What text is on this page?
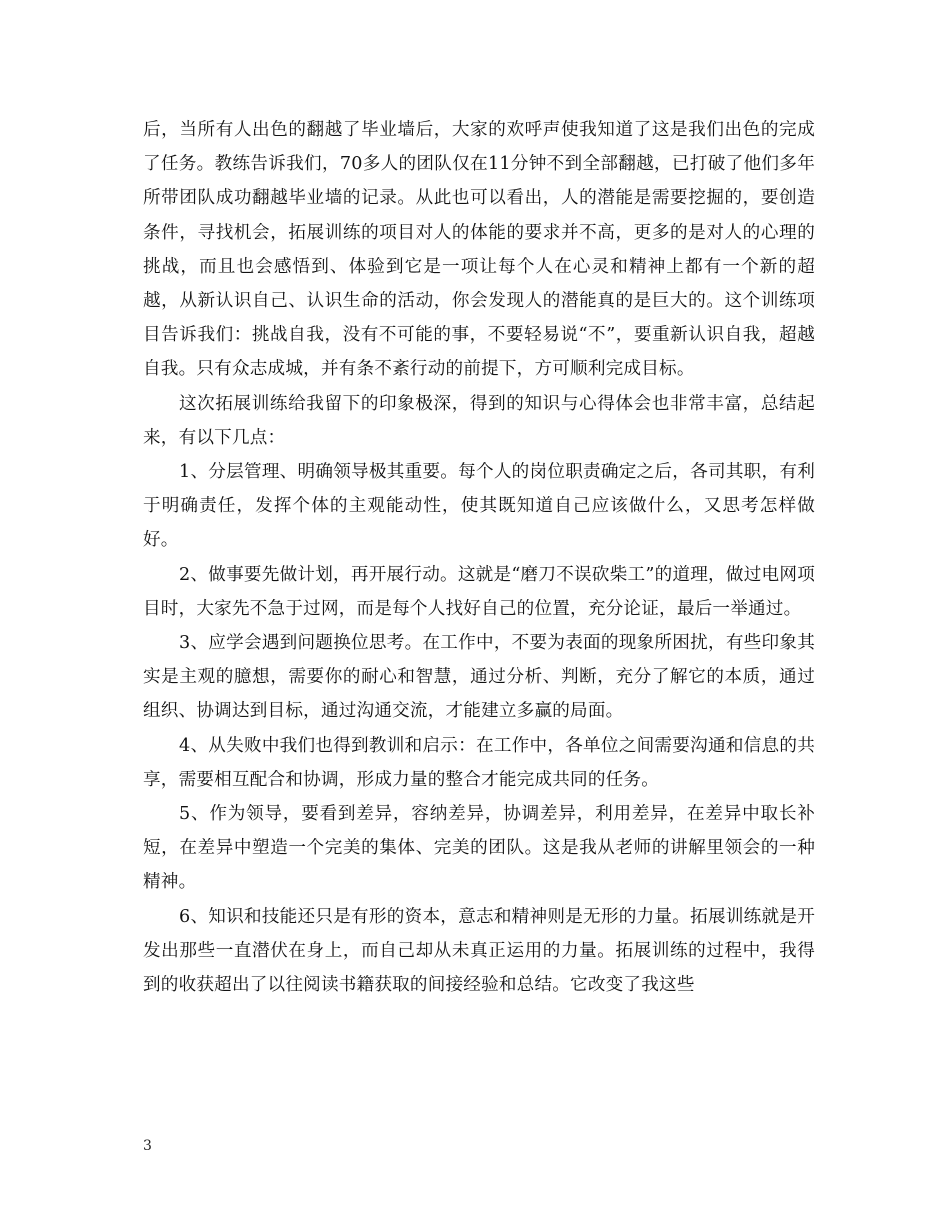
后，当所有人出色的翻越了毕业墙后，大家的欢呼声使我知道了这是我们出色的完成了任务。教练告诉我们，70多人的团队仅在11分钟不到全部翻越，已打破了他们多年所带团队成功翻越毕业墙的记录。从此也可以看出，人的潜能是需要挖掘的，要创造条件，寻找机会，拓展训练的项目对人的体能的要求并不高，更多的是对人的心理的挑战，而且也会感悟到、体验到它是一项让每个人在心灵和精神上都有一个新的超越，从新认识自己、认识生命的活动，你会发现人的潜能真的是巨大的。这个训练项目告诉我们：挑战自我，没有不可能的事，不要轻易说“不”，要重新认识自我，超越自我。只有众志成城，并有条不紊行动的前提下，方可顺利完成目标。

这次拓展训练给我留下的印象极深，得到的知识与心得体会也非常丰富，总结起来，有以下几点：

1、分层管理、明确领导极其重要。每个人的岗位职责确定之后，各司其职，有利于明确责任，发挥个体的主观能动性，使其既知道自己应该做什么，又思考怎样做好。

2、做事要先做计划，再开展行动。这就是“磨刀不误砍柴工”的道理，做过电网项目时，大家先不急于过网，而是每个人找好自己的位置，充分论证，最后一举通过。

3、应学会遇到问题换位思考。在工作中，不要为表面的现象所困扰，有些印象其实是主观的臆想，需要你的耐心和智慧，通过分析、判断，充分了解它的本质，通过组织、协调达到目标，通过沟通交流，才能建立多赢的局面。

4、从失败中我们也得到教训和启示：在工作中，各单位之间需要沟通和信息的共享，需要相互配合和协调，形成力量的整合才能完成共同的任务。

5、作为领导，要看到差异，容纳差异，协调差异，利用差异，在差异中取长补短，在差异中塑造一个完美的集体、完美的团队。这是我从老师的讲解里领会的一种精神。

6、知识和技能还只是有形的资本，意志和精神则是无形的力量。拓展训练就是开发出那些一直潜伏在身上，而自己却从未真正运用的力量。拓展训练的过程中，我得到的收获超出了以往阅读书籍获取的间接经验和总结。它改变了我这些

3
